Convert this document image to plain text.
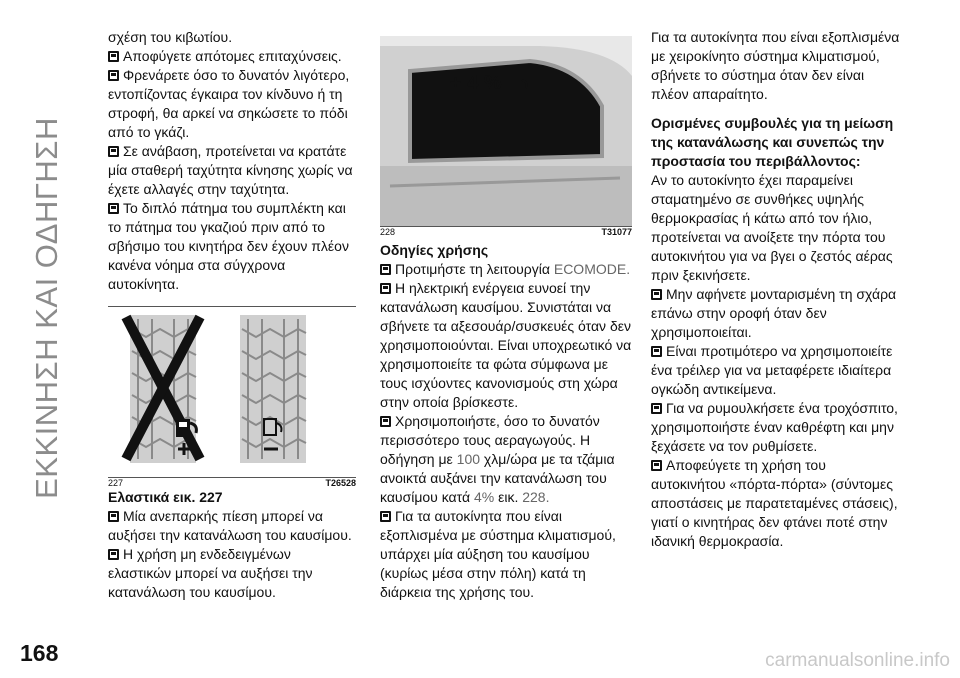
ΕΚΚΙΝΗΣΗ ΚΑΙ ΟΔΗΓΗΣΗ

σχέση του κιβωτίου.

Αποφύγετε απότομες επιταχύνσεις.

Φρενάρετε όσο το δυνατόν λιγότερο, εντοπίζοντας έγκαιρα τον κίνδυνο ή τη στροφή, θα αρκεί να σηκώσετε το πόδι από το γκάζι.

Σε ανάβαση, προτείνεται να κρατάτε μία σταθερή ταχύτητα κίνησης χωρίς να έχετε αλλαγές στην ταχύτητα.

Το διπλό πάτημα του συμπλέκτη και το πάτημα του γκαζιού πριν από το σβήσιμο του κινητήρα δεν έχουν πλέον κανένα νόημα στα σύγχρονα αυτοκίνητα.

227	T26528

Ελαστικά εικ. 227

Μία ανεπαρκής πίεση μπορεί να αυξήσει την κατανάλωση του καυσίμου.

Η χρήση μη ενδεδειγμένων ελαστικών μπορεί να αυξήσει την κατανάλωση του καυσίμου.

+ 4 %
228	T31077

Οδηγίες χρήσης

Προτιμήστε τη λειτουργία ECOMODE.

Η ηλεκτρική ενέργεια ευνοεί την κατανάλωση καυσίμου. Συνιστάται να σβήνετε τα αξεσουάρ/συσκευές όταν δεν χρησιμοποιούνται. Είναι υποχρεωτικό να χρησιμοποιείτε τα φώτα σύμφωνα με τους ισχύοντες κανονισμούς στη χώρα στην οποία βρίσκεστε.

Χρησιμοποιήστε, όσο το δυνατόν περισσότερο τους αεραγωγούς. Η οδήγηση με 100 χλμ/ώρα με τα τζάμια ανοικτά αυξάνει την κατανάλωση του καυσίμου κατά 4% εικ. 228.

Για τα αυτοκίνητα που είναι εξοπλισμένα με σύστημα κλιματισμού, υπάρχει μία αύξηση του καυσίμου (κυρίως μέσα στην πόλη) κατά τη διάρκεια της χρήσης του.

Για τα αυτοκίνητα που είναι εξοπλισμένα με χειροκίνητο σύστημα κλιματισμού, σβήνετε το σύστημα όταν δεν είναι πλέον απαραίτητο.

Ορισμένες συμβουλές για τη μείωση της κατανάλωσης και συνεπώς την προστασία του περιβάλλοντος:

Αν το αυτοκίνητο έχει παραμείνει σταματημένο σε συνθήκες υψηλής θερμοκρασίας ή κάτω από τον ήλιο, προτείνεται να ανοίξετε την πόρτα του αυτοκινήτου για να βγει ο ζεστός αέρας πριν ξεκινήσετε.

Μην αφήνετε μονταρισμένη τη σχάρα επάνω στην οροφή όταν δεν χρησιμοποιείται.

Είναι προτιμότερο να χρησιμοποιείτε ένα τρέιλερ για να μεταφέρετε ιδιαίτερα ογκώδη αντικείμενα.

Για να ρυμουλκήσετε ένα τροχόσπιτο, χρησιμοποιήστε έναν καθρέφτη και μην ξεχάσετε να τον ρυθμίσετε.

Αποφεύγετε τη χρήση του αυτοκινήτου «πόρτα-πόρτα» (σύντομες αποστάσεις με παρατεταμένες στάσεις), γιατί ο κινητήρας δεν φτάνει ποτέ στην ιδανική θερμοκρασία.

168	carmanualsonline.info
